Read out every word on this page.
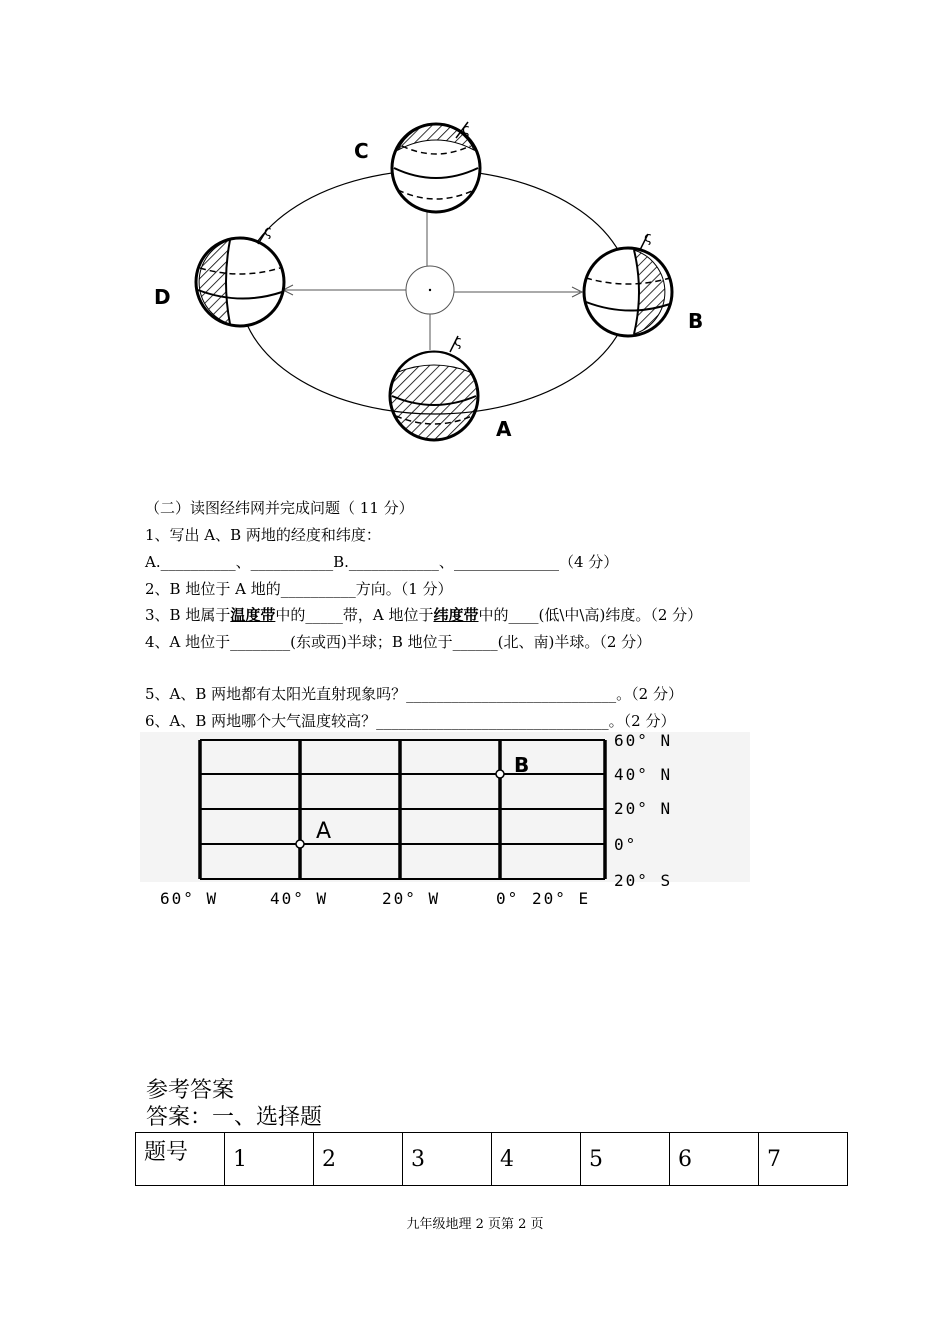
ς
ς	ς
ς
C
D
B
A
（二）读图经纬网并完成问题（ 11 分）
1、写出 A、B 两地的经度和纬度：
A.__________、___________B.____________、______________（4 分）
2、B 地位于 A 地的__________方向。（1 分）
3、B 地属于温度带中的_____带，A 地位于纬度带中的____(低\中\高)纬度。（2 分）
4、A 地位于________(东或西)半球；B 地位于______(北、南)半球。（2 分）
5、A、B 两地都有太阳光直射现象吗？____________________________。（2 分）
6、A、B 两地哪个大气温度较高？_______________________________。（2 分）
A
B
60° N
40° N
20° N
0°
20° S
60° W	40° W	20° W	0° 20° E
参考答案
答案：一、选择题
题号	1	2	3	4	5	6	7
九年级地理 2 页第 2 页
